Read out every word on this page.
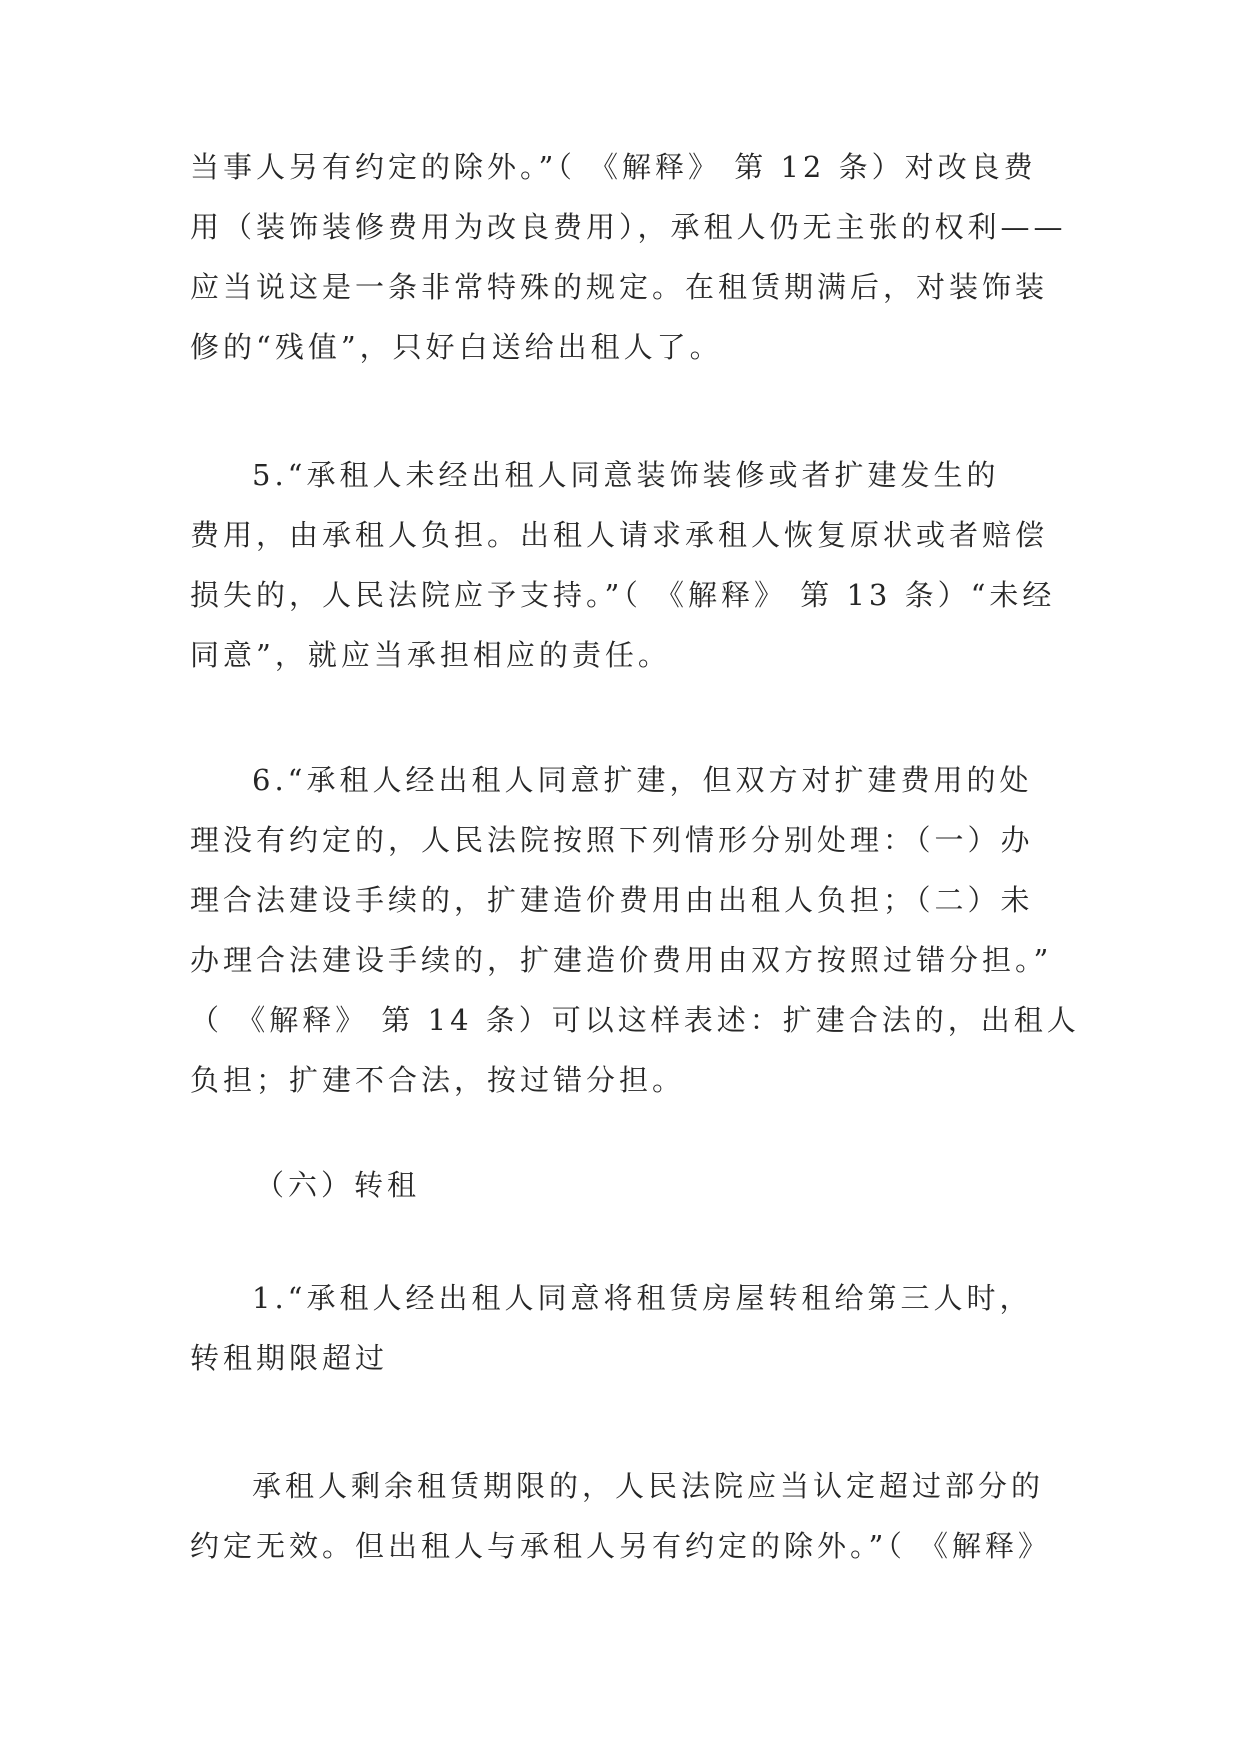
当事人另有约定的除外。”（ 《解释》 第 12 条）对改良费
用（装饰装修费用为改良费用），承租人仍无主张的权利——
应当说这是一条非常特殊的规定。在租赁期满后，对装饰装
修的“残值”，只好白送给出租人了。
5.“承租人未经出租人同意装饰装修或者扩建发生的
费用，由承租人负担。出租人请求承租人恢复原状或者赔偿
损失的，人民法院应予支持。”（ 《解释》 第 13 条）“未经
同意”，就应当承担相应的责任。
6.“承租人经出租人同意扩建，但双方对扩建费用的处
理没有约定的，人民法院按照下列情形分别处理：（一）办
理合法建设手续的，扩建造价费用由出租人负担；（二）未
办理合法建设手续的，扩建造价费用由双方按照过错分担。”
（ 《解释》 第 14 条）可以这样表述：扩建合法的，出租人
负担；扩建不合法，按过错分担。

（六）转租

1.“承租人经出租人同意将租赁房屋转租给第三人时，
转租期限超过
承租人剩余租赁期限的，人民法院应当认定超过部分的
约定无效。但出租人与承租人另有约定的除外。”（ 《解释》
